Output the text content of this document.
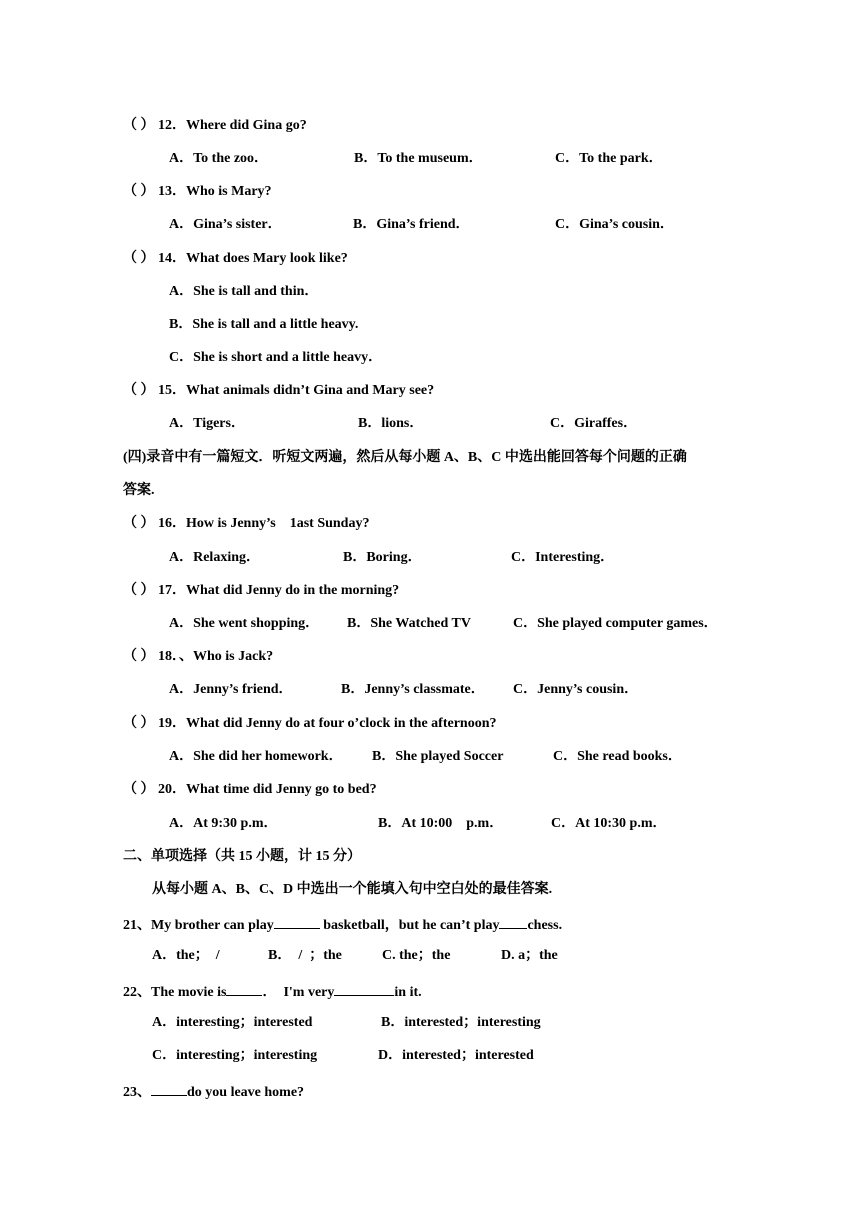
（ ） 12．Where did Gina go?
A．To the zoo．	B．To the museum．	C．To the park．
（ ） 13．Who is Mary?
A．Gina’s sister．	B．Gina’s friend．	C．Gina’s cousin．
（ ） 14．What does Mary look like?
A．She is tall and thin．
B．She is tall and a little heavy.
C．She is short and a little heavy．
（ ） 15．What animals didn’t Gina and Mary see?
A．Tigers．	B．lions．	C．Giraffes．
(四)录音中有一篇短文．听短文两遍，然后从每小题 A、B、C 中选出能回答每个问题的正确
答案.
（ ） 16．How is Jenny’s    1ast Sunday?
A．Relaxing．	B．Boring．	C．Interesting．
（ ） 17．What did Jenny do in the morning?
A．She went shopping． B．She Watched TV	C．She played computer games．
（ ） 18．、Who is Jack?
A．Jenny’s friend．	B．Jenny’s classmate． C．Jenny’s cousin．
（ ） 19．What did Jenny do at four o’clock in the afternoon?
A．She did her homework． B．She played Soccer	C．She read books．
（ ） 20．What time did Jenny go to bed?
A．At 9:30 p.m．	B．At 10:00    p.m．	C．At 10:30 p.m．
二、单项选择（共 15 小题，计 15 分）
从每小题 A、B、C、D 中选出一个能填入句中空白处的最佳答案.
21、My brother can play	basketball，but he can’t play chess.
A．the；  /	B．  /  ；the	C. the；the	D. a；the
22、The movie is	．  I'm very	in it.
A．interesting；interested	B．interested；interesting
C．interesting；interesting	D．interested；interested
23、	do you leave home?
